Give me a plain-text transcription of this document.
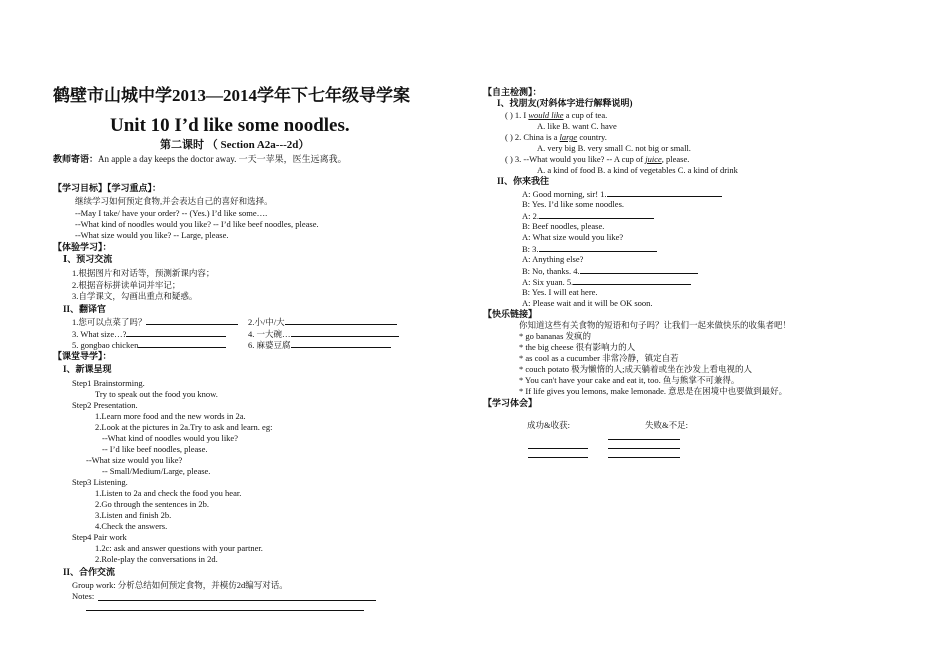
鹤壁市山城中学2013—2014学年下七年级导学案
Unit 10 I’d like some noodles.
第二课时 （ Section A2a---2d）
教师寄语：An apple a day keeps the doctor away. 一天一苹果，医生远离我。
【学习目标】【学习重点】：
继续学习如何预定食物,并会表达自己的喜好和选择。
--May I take/ have your order? -- (Yes.) I’d like some….
--What kind of noodles would you like? -- I’d like beef noodles, please.
--What size would you like? -- Large, please.
【体验学习】：
Ⅰ、预习交流
1.根据图片和对话等，预测新课内容；
2.根据音标拼读单词并牢记；
3.自学课文，勾画出重点和疑惑。
II、翻译官
1.您可以点菜了吗？	2.小/中/大
3. What size…?	4. 一大碗…
5. gongbao chicken	6. 麻婆豆腐
【课堂导学】：
I、新课呈现
Step1 Brainstorming.
Try to speak out the food you know.
Step2 Presentation.
1.Learn more food and the new words in 2a.
2.Look at the pictures in 2a.Try to ask and learn. eg:
--What kind of noodles would you like?
-- I’d like beef noodles, please.
--What size would you like?
-- Small/Medium/Large, please.
Step3 Listening.
1.Listen to 2a and check the food you hear.
2.Go through the sentences in 2b.
3.Listen and finish 2b.
4.Check the answers.
Step4 Pair work
1.2c: ask and answer questions with your partner.
2.Role-play the conversations in 2d.
II、合作交流
Group work: 分析总结如何预定食物，并模仿2d编写对话。
Notes:
【自主检测】：
I、找朋友(对斜体字进行解释说明)
( ) 1. I would like a cup of tea.
A. like B. want C. have
( ) 2. China is a large country.
A. very big B. very small C. not big or small.
( ) 3. --What would you like? -- A cup of juice, please.
A. a kind of food B. a kind of vegetables C. a kind of drink
II、你来我往
A: Good morning, sir! 1.
B: Yes. I’d like some noodles.
A: 2.
B: Beef noodles, please.
A: What size would you like?
B: 3.
A: Anything else?
B: No, thanks. 4.
A: Six yuan. 5.
B: Yes. I will eat here.
A: Please wait and it will be OK soon.
【快乐链接】
你知道这些有关食物的短语和句子吗？让我们一起来做快乐的收集者吧！
* go bananas 发疯的
* the big cheese 很有影响力的人
* as cool as a cucumber 非常冷静，镇定自若
* couch potato 极为懒惰的人;成天躺着或坐在沙发上看电视的人
* You can't have your cake and eat it, too. 鱼与熊掌不可兼得。
* If life gives you lemons, make lemonade. 意思是在困境中也要做到最好。
【学习体会】
成功&收获:	失败&不足:
